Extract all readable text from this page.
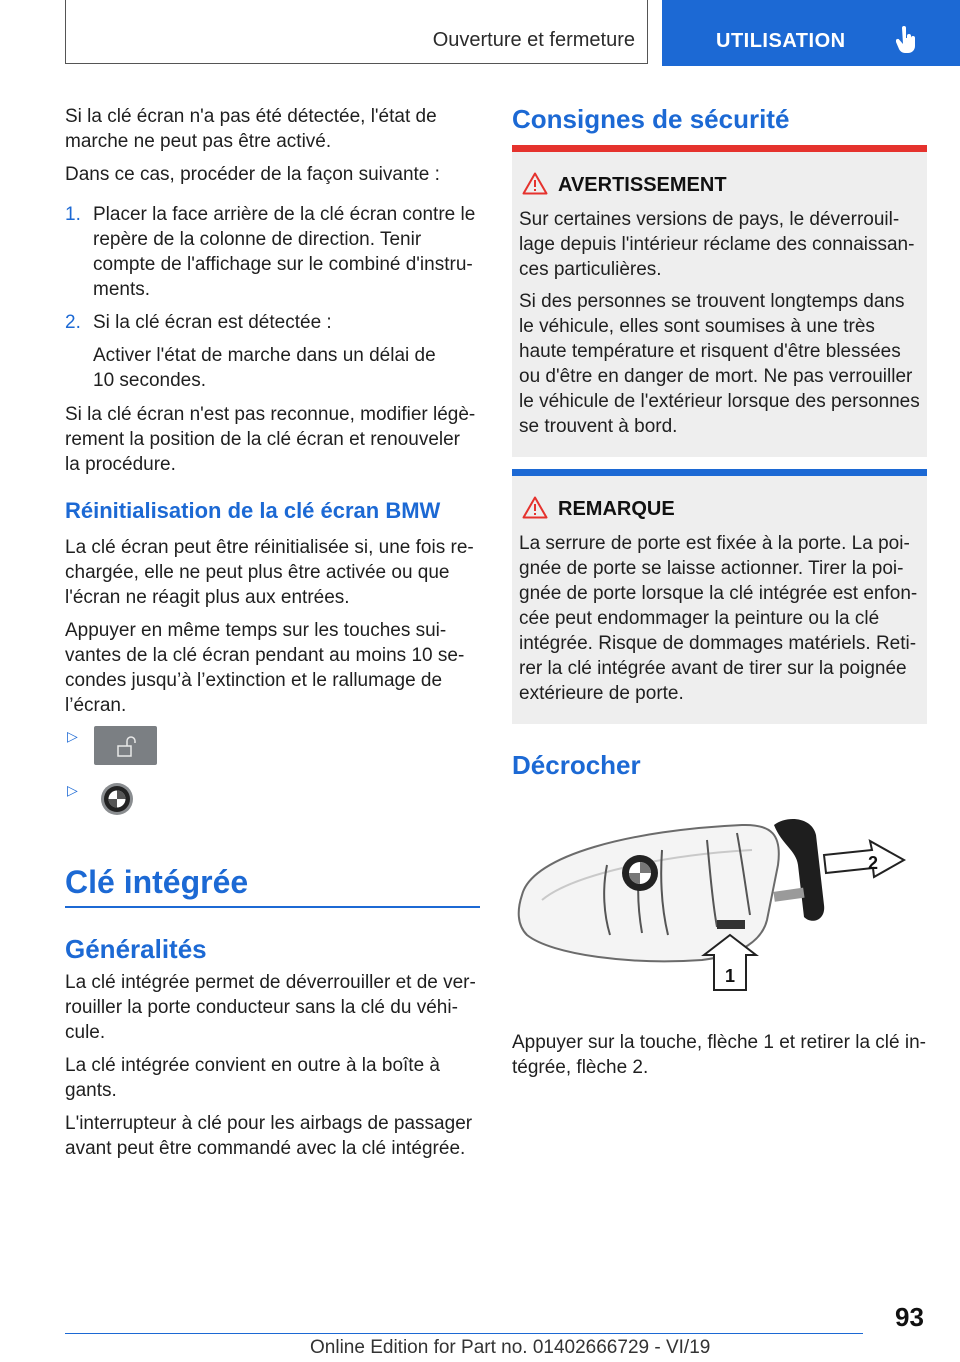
Ouverture et fermeture	UTILISATION
Si la clé écran n'a pas été détectée, l'état de marche ne peut pas être activé.
Dans ce cas, procéder de la façon suivante :
1. Placer la face arrière de la clé écran contre le repère de la colonne de direction. Tenir compte de l'affichage sur le combiné d'instruments.
2. Si la clé écran est détectée :
Activer l'état de marche dans un délai de 10 secondes.
Si la clé écran n'est pas reconnue, modifier légèrement la position de la clé écran et renouveler la procédure.
Réinitialisation de la clé écran BMW
La clé écran peut être réinitialisée si, une fois rechargée, elle ne peut plus être activée ou que l'écran ne réagit plus aux entrées.
Appuyer en même temps sur les touches suivantes de la clé écran pendant au moins 10 secondes jusqu’à l’extinction et le rallumage de l’écran.
▷
▷
Clé intégrée
Généralités
La clé intégrée permet de déverrouiller et de verrouiller la porte conducteur sans la clé du véhicule.
La clé intégrée convient en outre à la boîte à gants.
L'interrupteur à clé pour les airbags de passager avant peut être commandé avec la clé intégrée.
Consignes de sécurité
AVERTISSEMENT

Sur certaines versions de pays, le déverrouillage depuis l'intérieur réclame des connaissances particulières.

Si des personnes se trouvent longtemps dans le véhicule, elles sont soumises à une très haute température et risquent d'être blessées ou d'être en danger de mort. Ne pas verrouiller le véhicule de l'extérieur lorsque des personnes se trouvent à bord.

REMARQUE

La serrure de porte est fixée à la porte. La poignée de porte se laisse actionner. Tirer la poignée de porte lorsque la clé intégrée est enfoncée peut endommager la peinture ou la clé intégrée. Risque de dommages matériels. Retirer la clé intégrée avant de tirer sur la poignée extérieure de porte.

Décrocher
2
1
Appuyer sur la touche, flèche 1 et retirer la clé intégrée, flèche 2.
93
Online Edition for Part no. 01402666729 - VI/19
